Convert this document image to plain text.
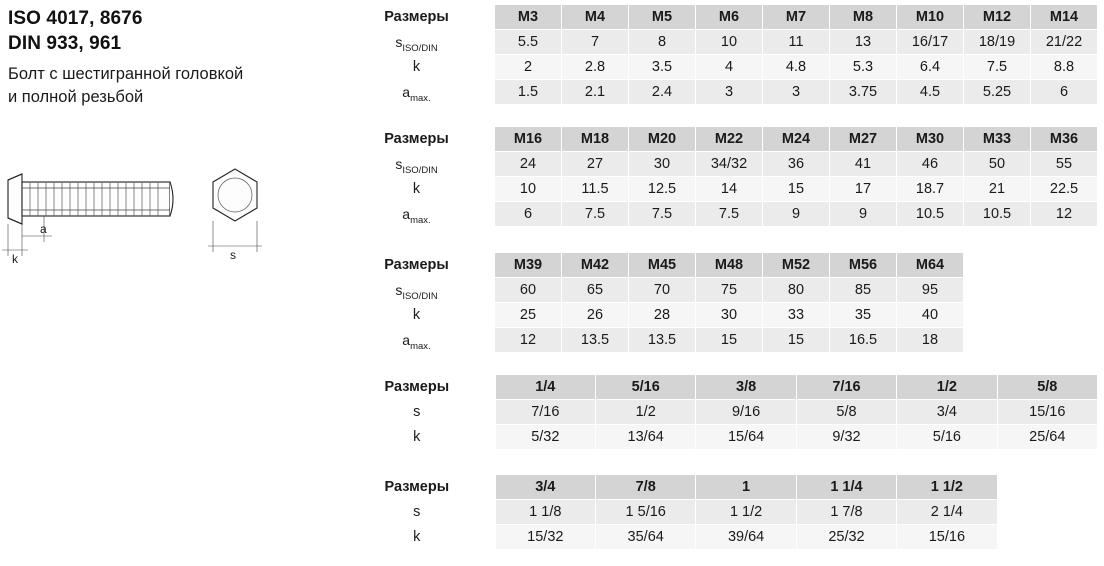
ISO 4017, 8676
DIN 933, 961
Болт с шестигранной головкой
и полной резьбой
a
k	s
Размеры	M3	M4	M5	M6	M7	M8	M10	M12	M14
$s_{ISO/DIN}$	5.5	7	8	10	11	13	16/17	18/19	21/22
k	2	2.8	3.5	4	4.8	5.3	6.4	7.5	8.8
$a_{max.}$	1.5	2.1	2.4	3	3	3.75	4.5	5.25	6
Размеры	M16	M18	M20	M22	M24	M27	M30	M33	M36
$s_{ISO/DIN}$	24	27	30	34/32	36	41	46	50	55
k	10	11.5	12.5	14	15	17	18.7	21	22.5
$a_{max.}$	6	7.5	7.5	7.5	9	9	10.5	10.5	12
Размеры	M39	M42	M45	M48	M52	M56	M64		
$s_{ISO/DIN}$	60	65	70	75	80	85	95		
k	25	26	28	30	33	35	40		
$a_{max.}$	12	13.5	13.5	15	15	16.5	18		
Размеры	1/4	5/16	3/8	7/16	1/2	5/8
s	7/16	1/2	9/16	5/8	3/4	15/16
k	5/32	13/64	15/64	9/32	5/16	25/64
Размеры	3/4	7/8	1	1 1/4	1 1/2	
s	1 1/8	1 5/16	1 1/2	1 7/8	2 1/4	
k	15/32	35/64	39/64	25/32	15/16	
